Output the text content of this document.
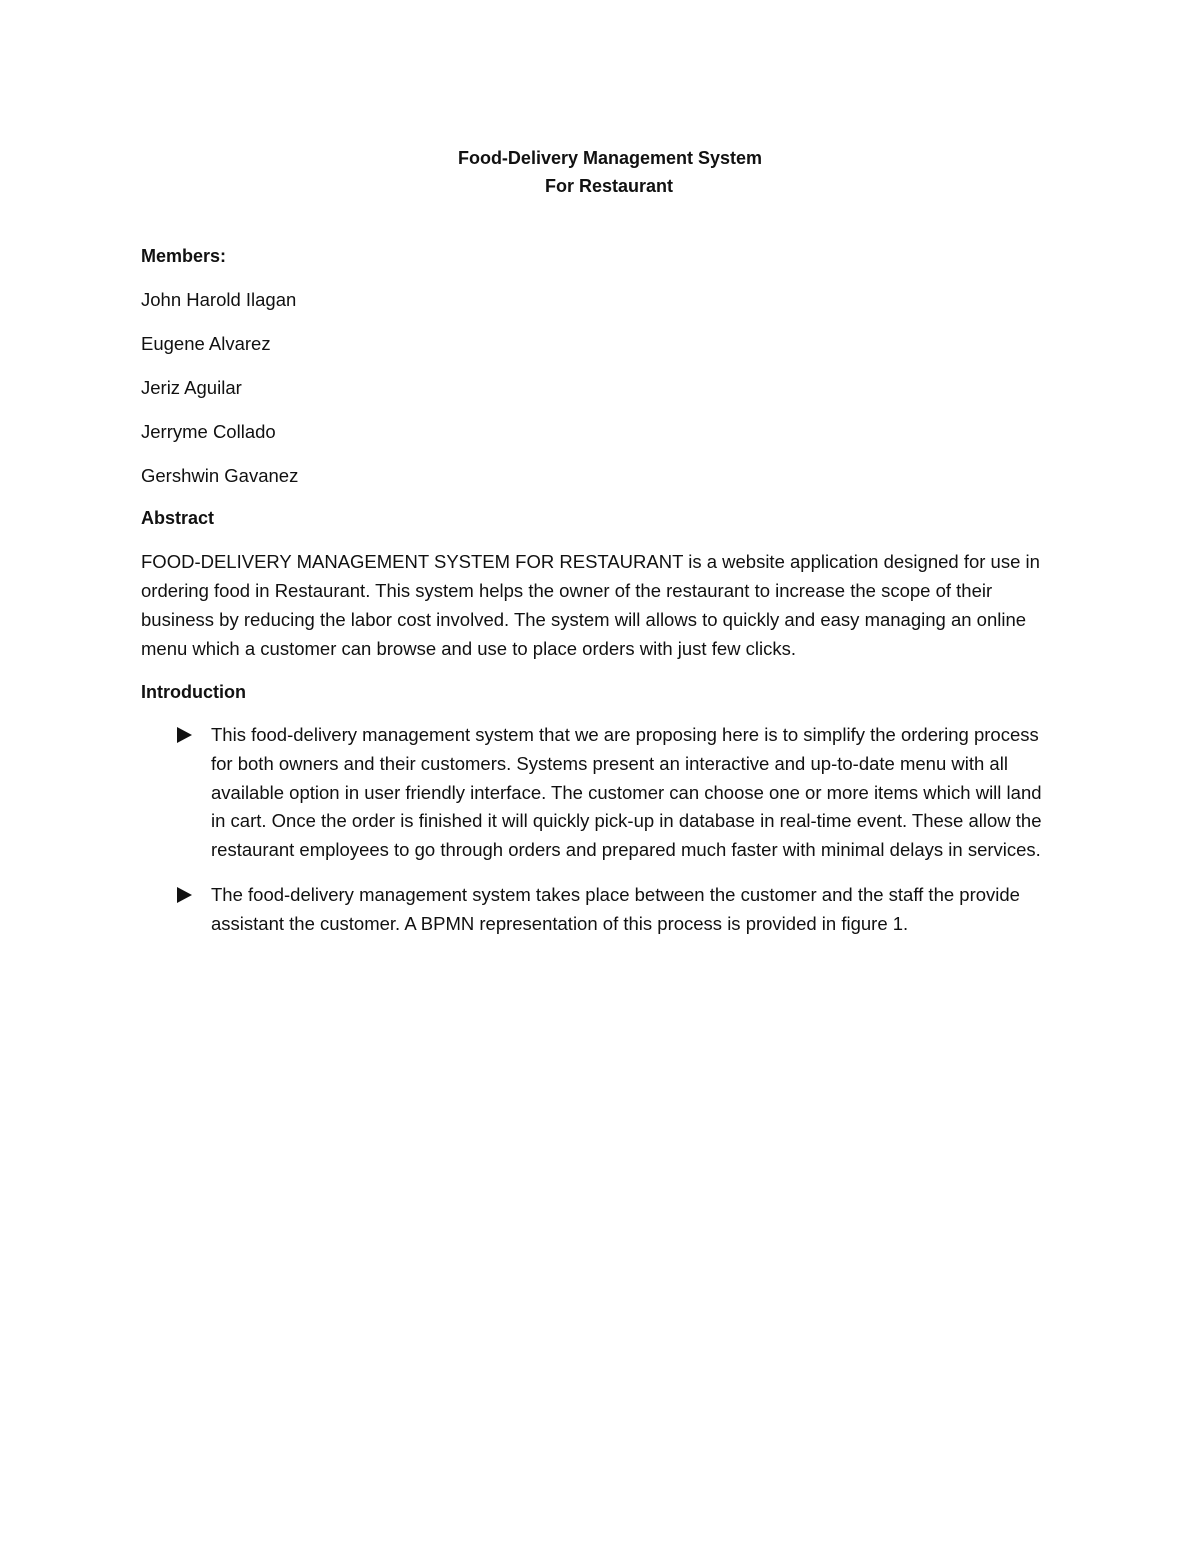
Food-Delivery Management System
For Restaurant

Members:

John Harold Ilagan

Eugene Alvarez

Jeriz Aguilar

Jerryme Collado

Gershwin Gavanez

Abstract

FOOD-DELIVERY MANAGEMENT SYSTEM FOR RESTAURANT is a website application designed for use in ordering food in Restaurant. This system helps the owner of the restaurant to increase the scope of their business by reducing the labor cost involved. The system will allows to quickly and easy managing an online menu which a customer can browse and use to place orders with just few clicks.

Introduction

This food-delivery management system that we are proposing here is to simplify the ordering process for both owners and their customers. Systems present an interactive and up-to-date menu with all available option in user friendly interface. The customer can choose one or more items which will land in cart. Once the order is finished it will quickly pick-up in database in real-time event. These allow the restaurant employees to go through orders and prepared much faster with minimal delays in services.
The food-delivery management system takes place between the customer and the staff the provide assistant the customer. A BPMN representation of this process is provided in figure 1.
